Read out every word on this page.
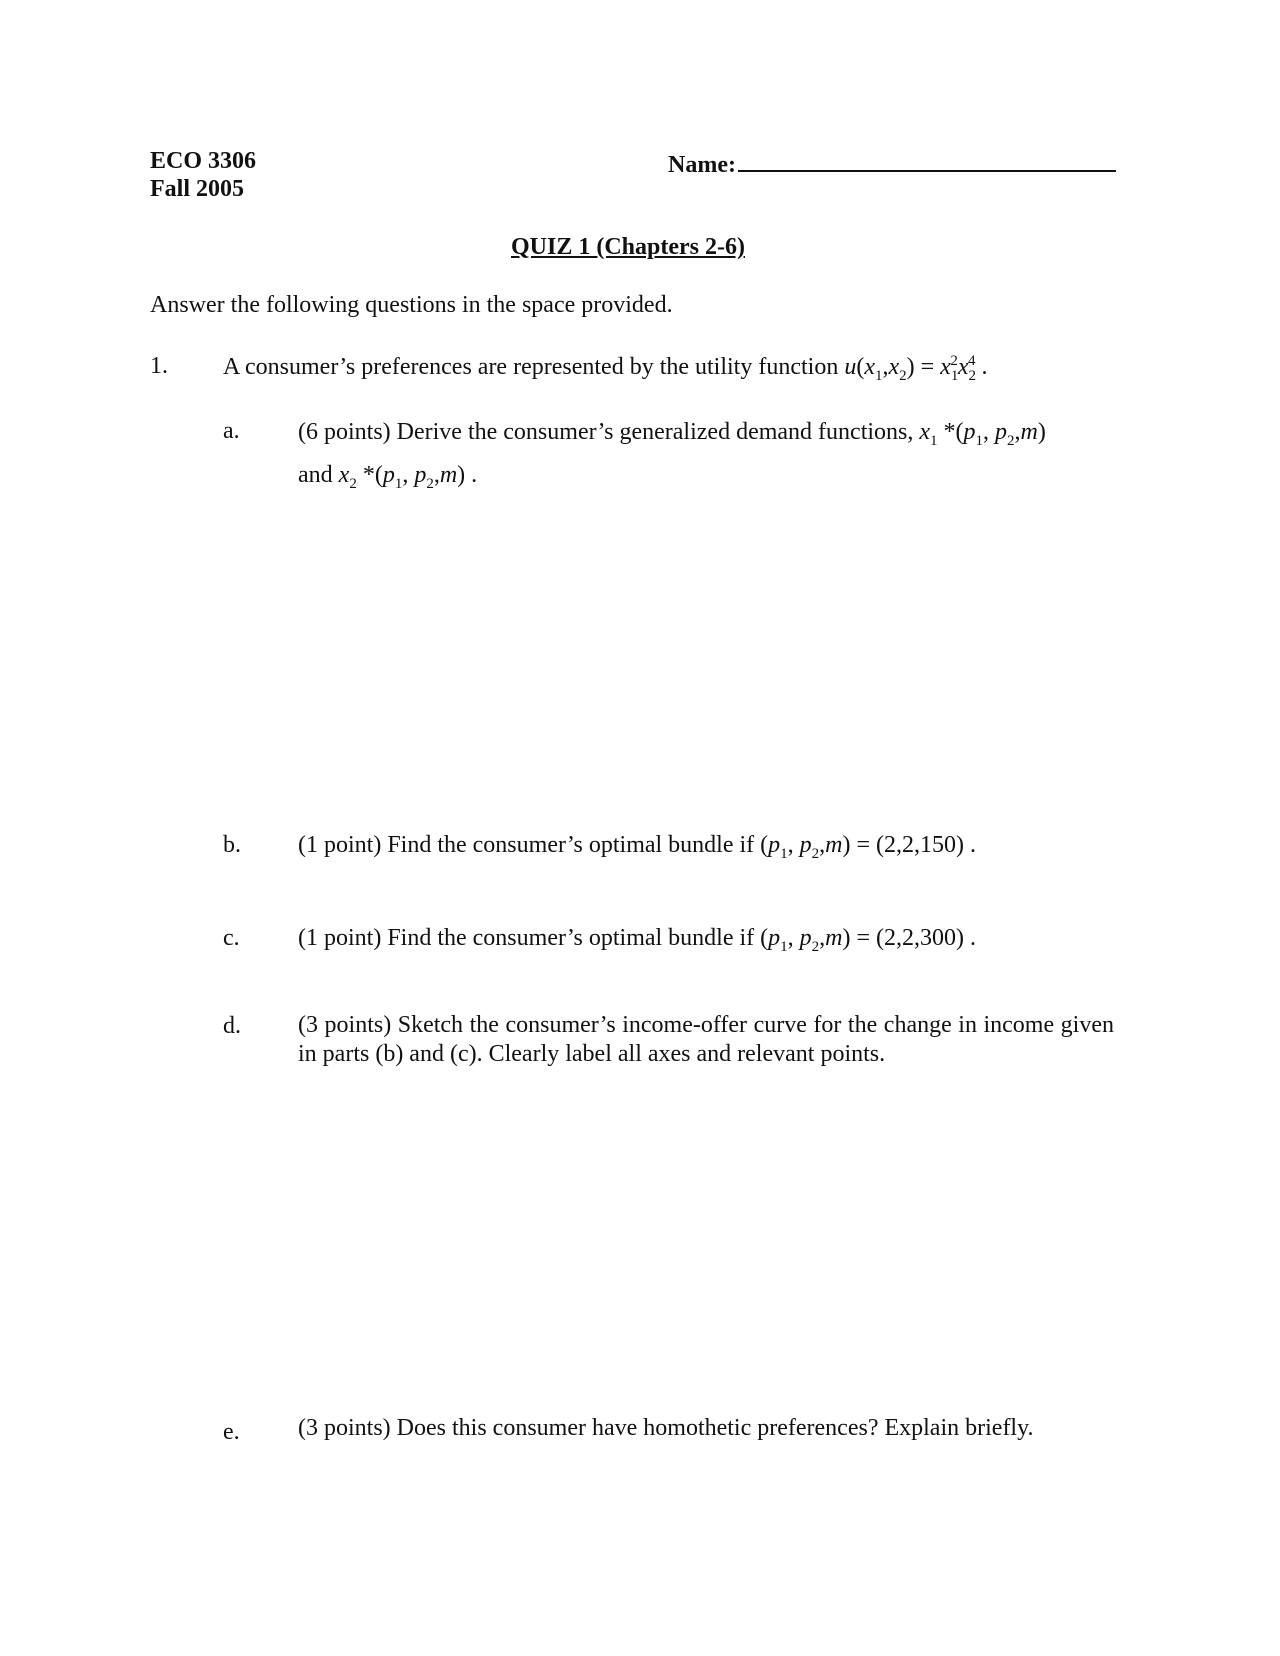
ECO 3306
Fall 2005
Name:
QUIZ 1 (Chapters 2-6)
Answer the following questions in the space provided.
1. A consumer’s preferences are represented by the utility function $u(x_1,x_2) = x_1^2x_2^4$ .
a. (6 points) Derive the consumer’s generalized demand functions, $x_1$ $*(p_1$, $p_2,m$)
and $x_2$ $*(p_1$, $p_2,m$) .
b. (1 point) Find the consumer’s optimal bundle if ($p_1$, $p_2,m) = (2,2,150)$ .
c. (1 point) Find the consumer’s optimal bundle if ($p_1$, $p_2,m) = (2,2,300)$ .
d. (3 points) Sketch the consumer’s income-offer curve for the change in income given in parts (b) and (c). Clearly label all axes and relevant points.
e. (3 points) Does this consumer have homothetic preferences? Explain briefly.
